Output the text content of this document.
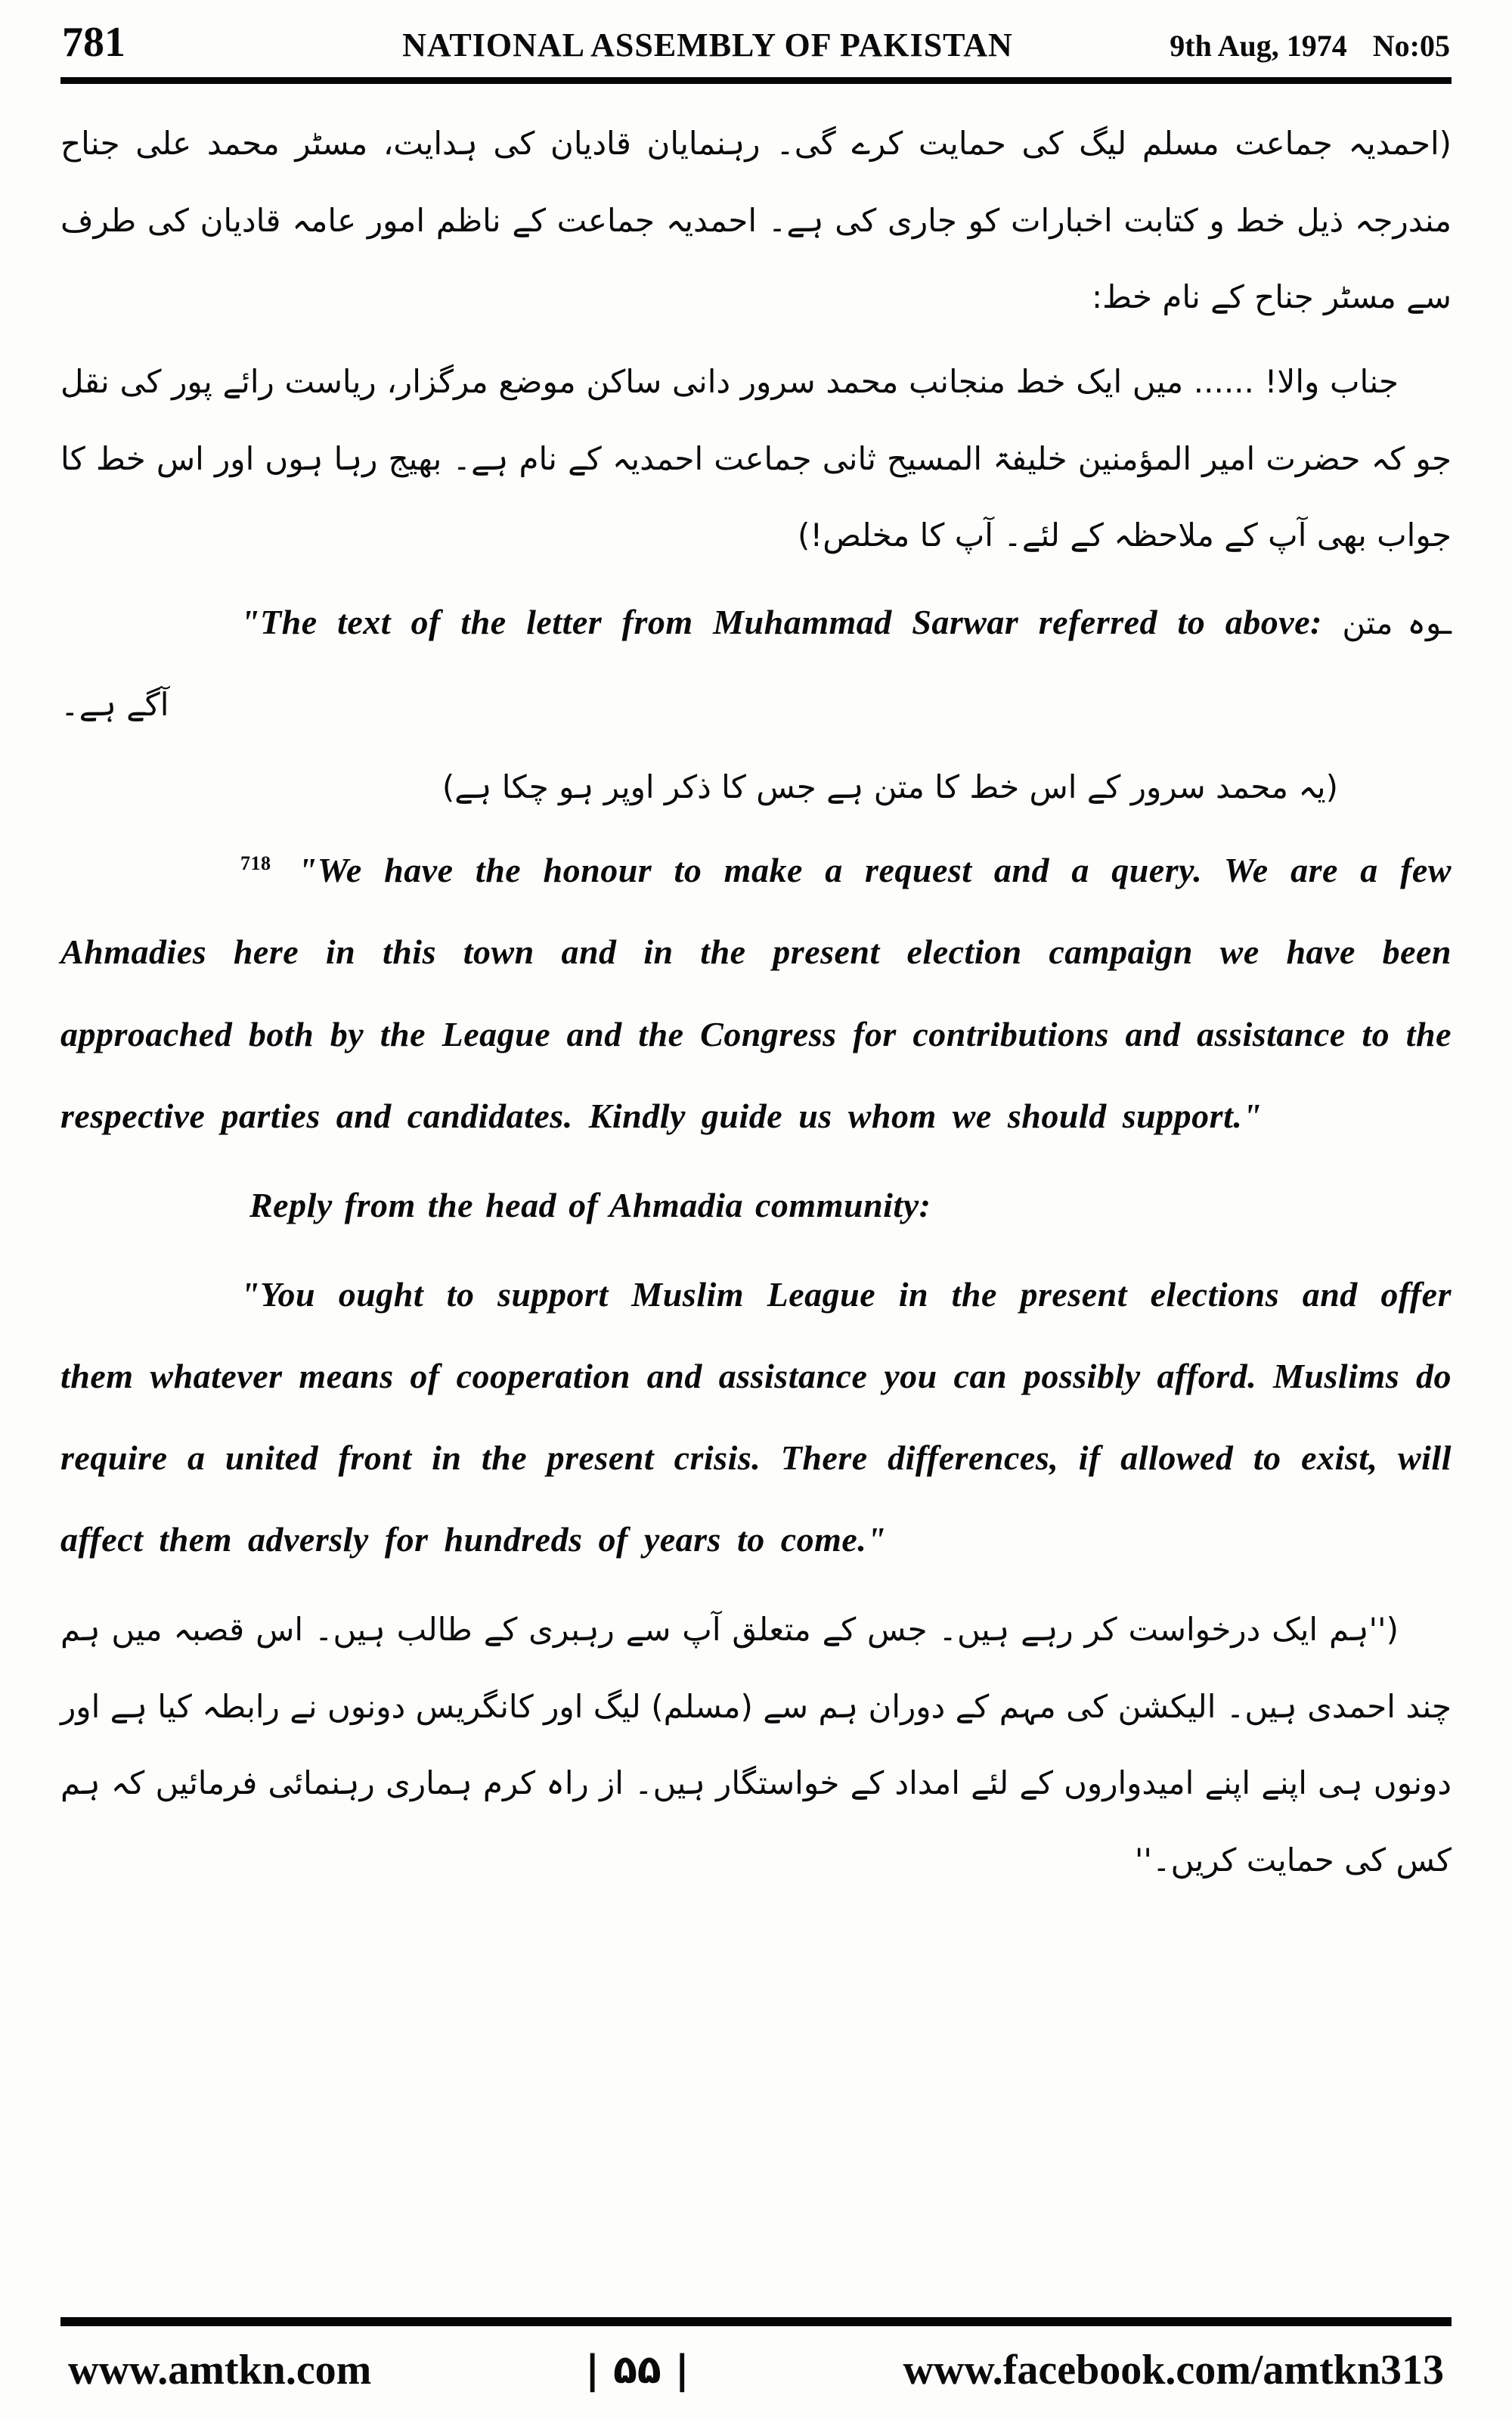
781	NATIONAL ASSEMBLY OF PAKISTAN	9th Aug, 1974 No:05

(احمدیہ جماعت مسلم لیگ کی حمایت کرے گی۔ رہنمایان قادیان کی ہدایت، مسٹر محمد علی جناح مندرجہ ذیل خط و کتابت اخبارات کو جاری کی ہے۔ احمدیہ جماعت کے ناظم امور عامہ قادیان کی طرف سے مسٹر جناح کے نام خط:

جناب والا! ...... میں ایک خط منجانب محمد سرور دانی ساکن موضع مرگزار، ریاست رائے پور کی نقل جو کہ حضرت امیر المؤمنین خلیفۃ المسیح ثانی جماعت احمدیہ کے نام ہے۔ بھیج رہا ہوں اور اس خط کا جواب بھی آپ کے ملاحظہ کے لئے۔ آپ کا مخلص!)

"The text of the letter from Muhammad Sarwar referred to above: ـوہ متن آگے ہے۔

(یہ محمد سرور کے اس خط کا متن ہے جس کا ذکر اوپر ہو چکا ہے)

$^{718}$ "We have the honour to make a request and a query. We are a few Ahmadies here in this town and in the present election campaign we have been approached both by the League and the Congress for contributions and assistance to the respective parties and candidates. Kindly guide us whom we should support."

Reply from the head of Ahmadia community:

"You ought to support Muslim League in the present elections and offer them whatever means of cooperation and assistance you can possibly afford. Muslims do require a united front in the present crisis. There differences, if allowed to exist, will affect them adversly for hundreds of years to come."

(''ہم ایک درخواست کر رہے ہیں۔ جس کے متعلق آپ سے رہبری کے طالب ہیں۔ اس قصبہ میں ہم چند احمدی ہیں۔ الیکشن کی مہم کے دوران ہم سے (مسلم) لیگ اور کانگریس دونوں نے رابطہ کیا ہے اور دونوں ہی اپنے اپنے امیدواروں کے لئے امداد کے خواستگار ہیں۔ از راہ کرم ہماری رہنمائی فرمائیں کہ ہم کس کی حمایت کریں۔''

www.amtkn.com	| ۵۵ |	www.facebook.com/amtkn313
